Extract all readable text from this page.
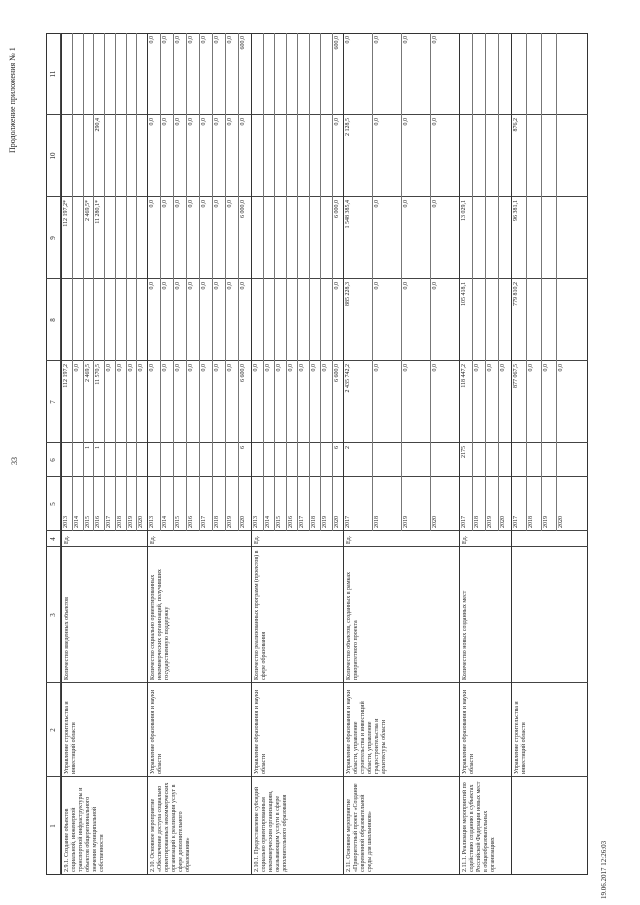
33
Продолжение приложения № 1
19.06.2017 12:26:03
1
2
3
4
5
6
7
8
9
10
11
2.9.1. Создание объектов социальной, инженерной транспортной инфраструктуры и объектов общерегионального значения муниципальной собственности
Управление строительства и инвестиций области
Количество введенных объектов
Ед.
2013
112 197,2
112 197,2*
2014
0,0
2015
1
2 469,5
2 469,5*
2016
1
11 570,5
11 280,1*
290,4
2017
0,0
2018
0,0
2019
0,0
2020
0,0
2.10. Основное мероприятие «Обеспечение доступа социально ориентированных некоммерческих организаций к реализации услуг в сфере дополнительного образования»
Управление образования и науки области
Количество социально ориентированных некоммерческих организаций, получивших государственную поддержку
Ед.
2013
0,0
0,0
0,0
0,0
0,0
2014
0,0
0,0
0,0
0,0
0,0
2015
0,0
0,0
0,0
0,0
0,0
2016
0,0
0,0
0,0
0,0
0,0
2017
0,0
0,0
0,0
0,0
0,0
2018
0,0
0,0
0,0
0,0
0,0
2019
0,0
0,0
0,0
0,0
0,0
2020
6
6 600,0
0,0
6 000,0
0,0
600,0
2.10.1. Предоставление субсидий социально ориентированным некоммерческим организациям, оказывающим услуги в сфере дополнительного образования
Управление образования и науки области
Количество реализованных программ (проектов) в сфере образования
Ед.
2013
0,0
2014
0,0
2015
0,0
2016
0,0
2017
0,0
2018
0,0
2019
0,0
2020
6
6 600,0
0,0
6 000,0
0,0
600,0
2.11. Основное мероприятие «Приоритетный проект «Создание современной образовательной среды для школьников»
Управление образования и науки области, управление строительства и инвестиций области, управление градостроительства и архитектуры области
Количество объектов, созданных в рамках приоритетного проекта
Ед.
2017
2
2 435 742,2
885 228,3
1 548 385,4
2 128,5
0,0
2018
0,0
0,0
0,0
0,0
0,0
2019
0,0
0,0
0,0
0,0
0,0
2020
0,0
0,0
0,0
0,0
0,0
2.11.1. Реализация мероприятий по содействию созданию в субъектах Российской Федерации новых мест в общеобразовательных организациях
Управление образования и науки области
Количество новых созданных мест
Ед.
2017
2175
118 447,2
105 418,1
13 029,1
2018
0,0
2019
0,0
2020
0,0
Управление строительства и инвестиций области
2017
877 067,5
779 810,2
96 381,1
876,2
2018
0,0
2019
0,0
2020
0,0
